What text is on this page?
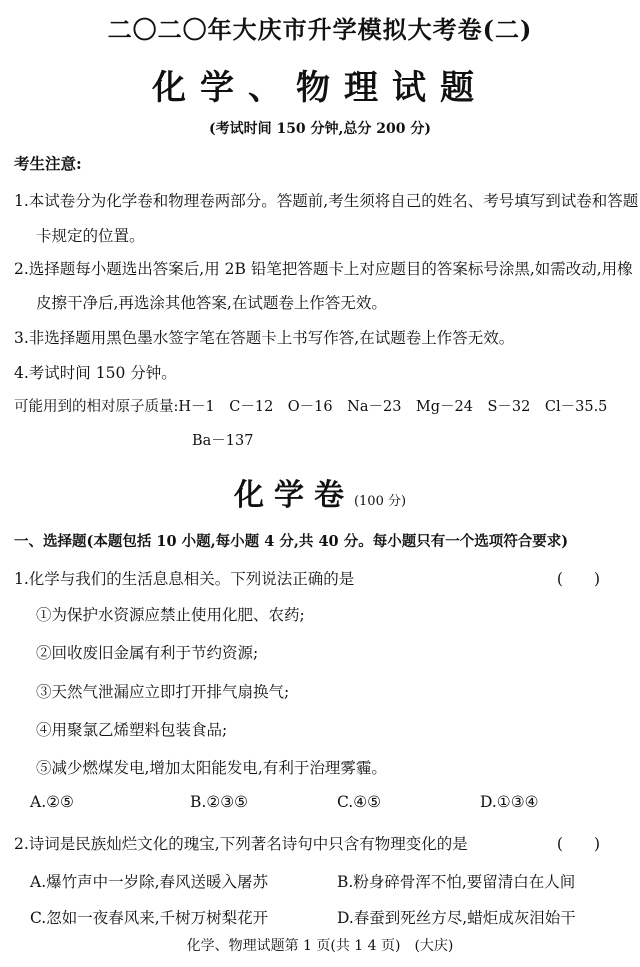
二〇二〇年大庆市升学模拟大考卷(二)
化学、物理试题
(考试时间 150 分钟,总分 200 分)
考生注意:
1.本试卷分为化学卷和物理卷两部分。答题前,考生须将自己的姓名、考号填写到试卷和答题
卡规定的位置。
2.选择题每小题选出答案后,用 2B 铅笔把答题卡上对应题目的答案标号涂黑,如需改动,用橡
皮擦干净后,再选涂其他答案,在试题卷上作答无效。
3.非选择题用黑色墨水签字笔在答题卡上书写作答,在试题卷上作答无效。
4.考试时间 150 分钟。
可能用到的相对原子质量:H－1　C－12　O－16　Na－23　Mg－24　S－32　Cl－35.5
Ba－137
化学卷(100 分)
一、选择题(本题包括 10 小题,每小题 4 分,共 40 分。每小题只有一个选项符合要求)
1.化学与我们的生活息息相关。下列说法正确的是	(　　)
①为保护水资源应禁止使用化肥、农药;
②回收废旧金属有利于节约资源;
③天然气泄漏应立即打开排气扇换气;
④用聚氯乙烯塑料包装食品;
⑤减少燃煤发电,增加太阳能发电,有利于治理雾霾。
A.②⑤	B.②③⑤	C.④⑤	D.①③④
2.诗词是民族灿烂文化的瑰宝,下列著名诗句中只含有物理变化的是	(　　)
A.爆竹声中一岁除,春风送暖入屠苏	B.粉身碎骨浑不怕,要留清白在人间
C.忽如一夜春风来,千树万树梨花开	D.春蚕到死丝方尽,蜡炬成灰泪始干
化学、物理试题第 1 页(共 1 4 页)　(大庆)
